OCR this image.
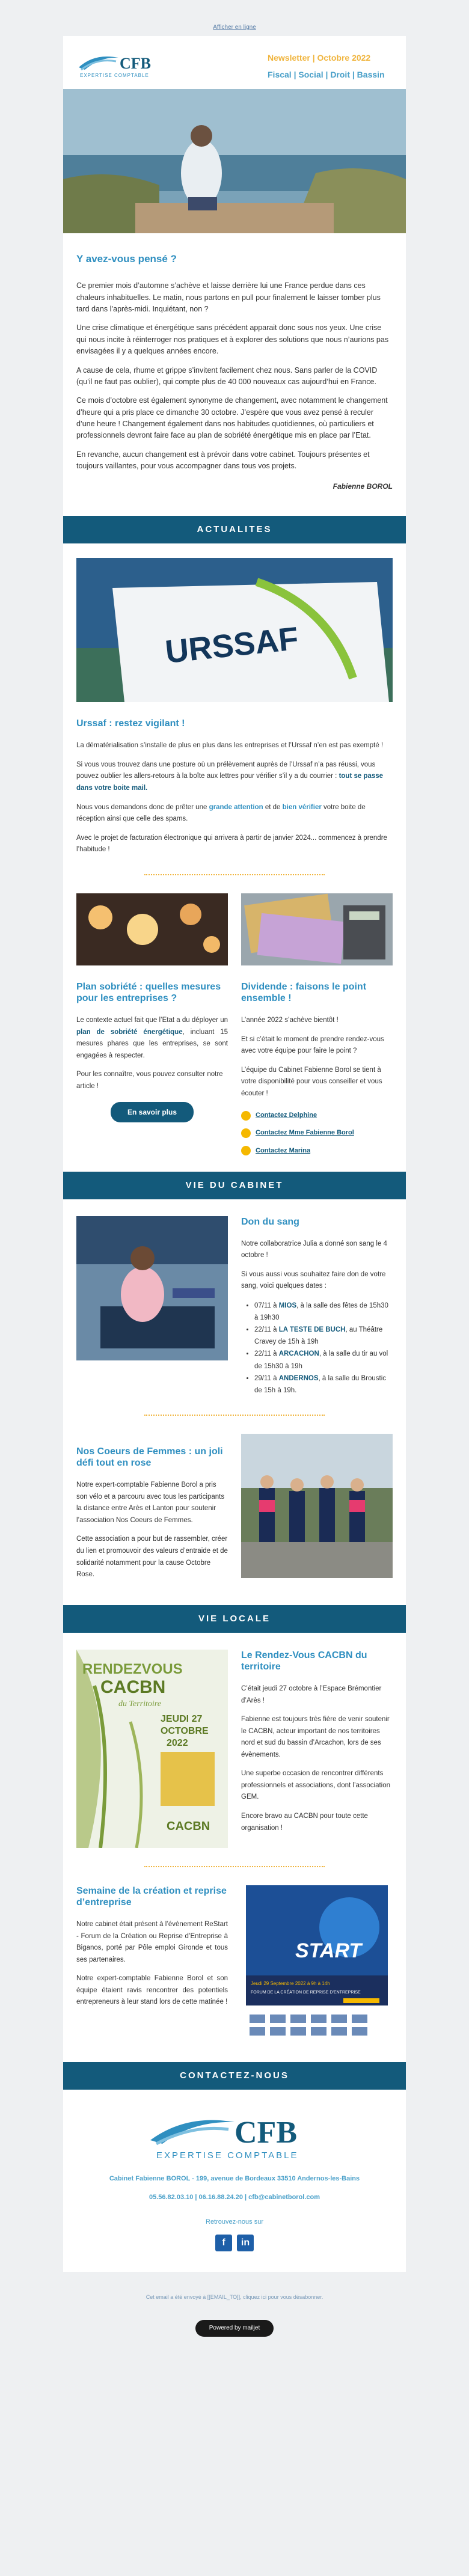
Afficher en ligne
CFB
EXPERTISE COMPTABLE
Newsletter | Octobre 2022
Fiscal | Social | Droit | Bassin
Y avez-vous pensé ?

Ce premier mois d’automne s’achève et laisse derrière lui une France perdue dans ces chaleurs inhabituelles. Le matin, nous partons en pull pour finalement le laisser tomber plus tard dans l’après-midi. Inquiétant, non ?

Une crise climatique et énergétique sans précédent apparait donc sous nos yeux. Une crise qui nous incite à réinterroger nos pratiques et à explorer des solutions que nous n’aurions pas envisagées il y a quelques années encore.

A cause de cela, rhume et grippe s’invitent facilement chez nous. Sans parler de la COVID (qu’il ne faut pas oublier), qui compte plus de 40 000 nouveaux cas aujourd’hui en France.

Ce mois d’octobre est également synonyme de changement, avec notamment le changement d’heure qui a pris place ce dimanche 30 octobre. J’espère que vous avez pensé à reculer d’une heure ! Changement également dans nos habitudes quotidiennes, où particuliers et professionnels devront faire face au plan de sobriété énergétique mis en place par l’Etat.

En revanche, aucun changement est à prévoir dans votre cabinet. Toujours présentes et toujours vaillantes, pour vous accompagner dans tous vos projets.

Fabienne BOROL

ACTUALITES
URSSAF
Urssaf : restez vigilant !

La dématérialisation s’installe de plus en plus dans les entreprises et l’Urssaf n’en est pas exempté !

Si vous vous trouvez dans une posture où un prélèvement auprès de l’Urssaf n’a pas réussi, vous pouvez oublier les allers-retours à la boîte aux lettres pour vérifier s’il y a du courrier : tout se passe dans votre boite mail.

Nous vous demandons donc de prêter une grande attention et de bien vérifier votre boite de réception ainsi que celle des spams.

Avec le projet de facturation électronique qui arrivera à partir de janvier 2024... commencez à prendre l’habitude !

Plan sobriété : quelles mesures pour les entreprises ?

Le contexte actuel fait que l’Etat a du déployer un plan de sobriété énergétique, incluant 15 mesures phares que les entreprises, se sont engagées à respecter.

Pour les connaître, vous pouvez consulter notre article !

En savoir plus
Dividende : faisons le point ensemble !

L’année 2022 s’achève bientôt !

Et si c’était le moment de prendre rendez-vous avec votre équipe pour faire le point ?

L’équipe du Cabinet Fabienne Borol se tient à votre disponibilité pour vous conseiller et vous écouter !

Contactez Delphine
Contactez Mme Fabienne Borol
Contactez Marina
VIE DU CABINET
Don du sang

Notre collaboratrice Julia a donné son sang le 4 octobre !

Si vous aussi vous souhaitez faire don de votre sang, voici quelques dates :

• 07/11 à MIOS, à la salle des fêtes de 15h30 à 19h30
• 22/11 à LA TESTE DE BUCH, au Théâtre Cravey de 15h à 19h
• 22/11 à ARCACHON, à la salle du tir au vol de 15h30 à 19h
• 29/11 à ANDERNOS, à la salle du Broustic de 15h à 19h.
Nos Coeurs de Femmes : un joli défi tout en rose

Notre expert-comptable Fabienne Borol a pris son vélo et a parcouru avec tous les participants la distance entre Arès et Lanton pour soutenir l’association Nos Coeurs de Femmes.

Cette association a pour but de rassembler, créer du lien et promouvoir des valeurs d’entraide et de solidarité notamment pour la cause Octobre Rose.

VIE LOCALE
RENDEZVOUS
CACBN
du Territoire
JEUDI 27
OCTOBRE
2022
CACBN
Le Rendez-Vous CACBN du territoire

C’était jeudi 27 octobre à l’Espace Brémontier d’Arès !

Fabienne est toujours très fière de venir soutenir le CACBN, acteur important de nos territoires nord et sud du bassin d’Arcachon, lors de ses évènements.

Une superbe occasion de rencontrer différents professionnels et associations, dont l’association GEM.

Encore bravo au CACBN pour toute cette organisation !

Semaine de la création et reprise d’entreprise

Notre cabinet était présent à l’évènement ReStart - Forum de la Création ou Reprise d’Entreprise à Biganos, porté par Pôle emploi Gironde et tous ses partenaires.

Notre expert-comptable Fabienne Borol et son équipe étaient ravis rencontrer des potentiels entrepreneurs à leur stand lors de cette matinée !

START
Jeudi 29 Septembre 2022 à 9h à 14h
FORUM DE LA CRÉATION DE REPRISE D’ENTREPRISE
CONTACTEZ-NOUS
CFB
EXPERTISE COMPTABLE

Cabinet Fabienne BOROL - 199, avenue de Bordeaux 33510 Andernos-les-Bains

05.56.82.03.10 | 06.16.88.24.20 | cfb@cabinetborol.com

Retrouvez-nous sur

f	in

Cet email a été envoyé à [[EMAIL_TO]], cliquez ici pour vous désabonner.

Powered by mailjet
